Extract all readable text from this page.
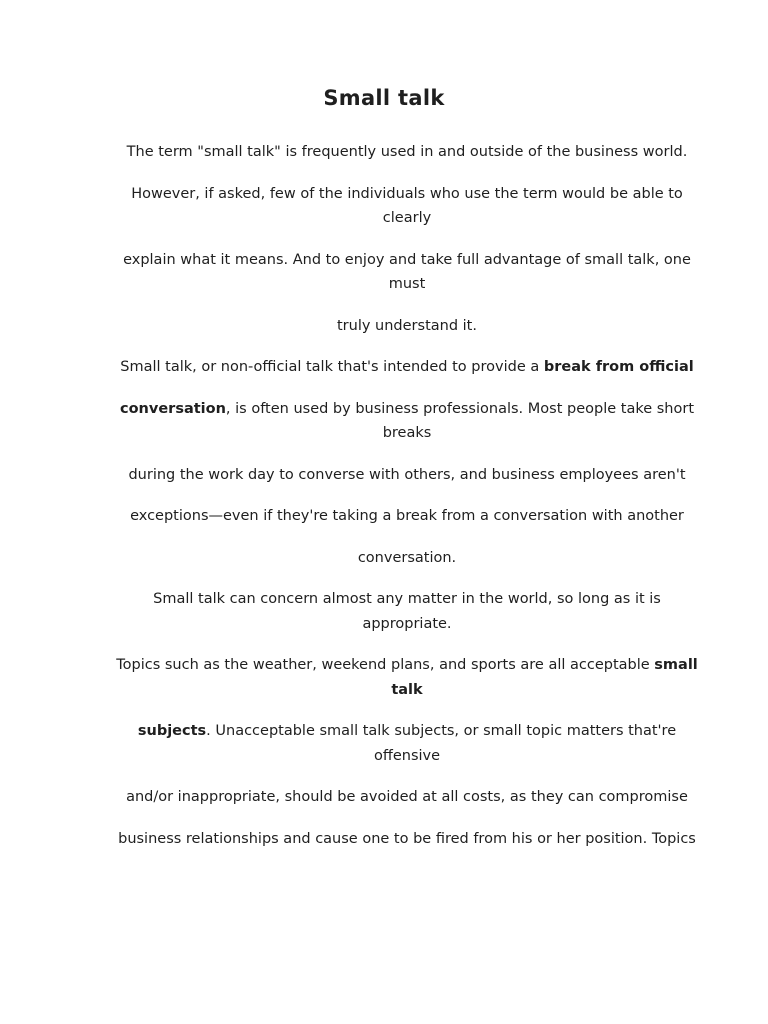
Small talk

The term "small talk" is frequently used in and outside of the business world.

However, if asked, few of the individuals who use the term would be able to clearly

explain what it means. And to enjoy and take full advantage of small talk, one must

truly understand it.

Small talk, or non-official talk that's intended to provide a break from official

conversation, is often used by business professionals. Most people take short breaks

during the work day to converse with others, and business employees aren't

exceptions—even if they're taking a break from a conversation with another

conversation.

Small talk can concern almost any matter in the world, so long as it is appropriate.

Topics such as the weather, weekend plans, and sports are all acceptable small talk

subjects. Unacceptable small talk subjects, or small topic matters that're offensive

and/or inappropriate, should be avoided at all costs, as they can compromise

business relationships and cause one to be fired from his or her position. Topics
